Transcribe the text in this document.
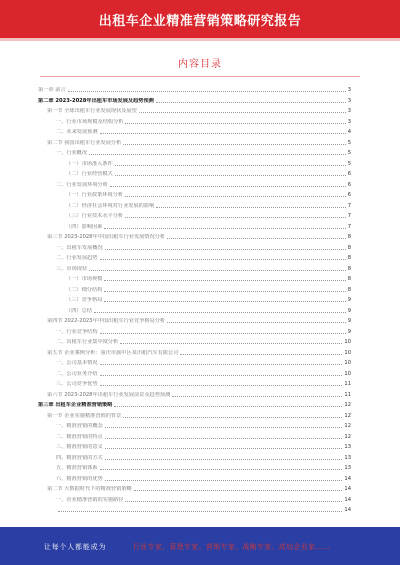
出租车企业精准营销策略研究报告
内容目录
第一章 前言	3
第二章 2023-2028年出租车市场发展及趋势预测	3
第一节 全球出租车行业发展现状及展望	3
一、行业市场规模及结构分析	3
二、未来发展预测	4
第二节 我国出租车行业发展分析	5
一、行业概况	5
（一）市场准入条件	5
（二）行业经营模式	6
二、行业发展环境分析	6
（一）行业政策环境分析	6
（二）经济社会环境对行业发展的影响	7
（三）行业技术水平分析	7
（四）影响因素	7
第三节 2023-2028年中国出租车行业发展情况分析	8
一、出租车发展概况	8
二、行业发展趋势	8
三、市场现状	8
（一）市场规模	8
（二）细分结构	8
（三）竞争格局	9
（四）总结	9
第四节 2022-2023年中国出租车行业竞争格局分析	9
一、行业竞争结构	9
二、出租车行业集中度分析	10
第五节 企业案例分析：重庆市渝中区某出租汽车有限公司	10
一、公司基本情况	10
二、公司业务介绍	10
三、公司竞争优势	11
第六节 2023-2028年出租车行业发展前景及趋势预测	11
第三章 出租车企业精准营销策略	12
第一节 企业实施精准营销的背景	12
一、精准营销的概念	12
二、精准营销的特点	12
三、精准营销的意义	13
四、精准营销的方式	13
五、精准营销体系	13
六、精准营销的优势	14
第二节 大数据时代下的精准营销策略	14
一、企业精准营销的实施路径	14
14
让每个人都能成为	行业专家、管理专家、营销专家、战略专家、成功企业家……
